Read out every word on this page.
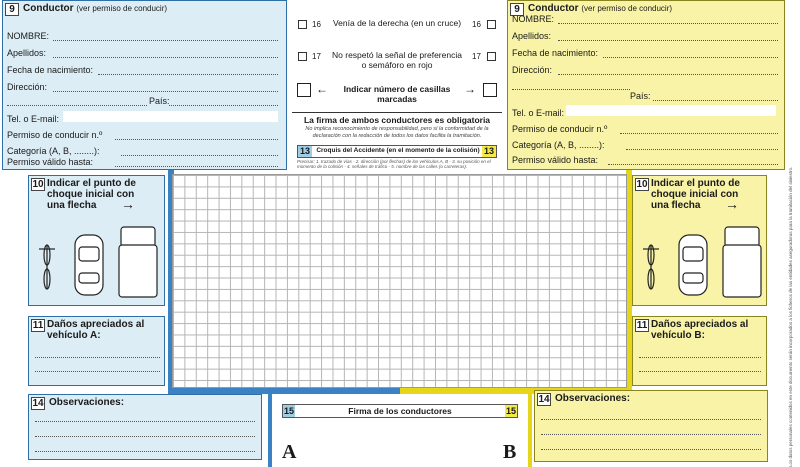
9 Conductor (ver permiso de conducir)
NOMBRE:
Apellidos:
Fecha de nacimiento:
Dirección:
País:
Tel. o E-mail:
Permiso de conducir n.º
Categoría (A, B, ........):
Permiso válido hasta:
16 Venía de la derecha (en un cruce) 16
17 No respetó la señal de preferencia o semáforo en rojo
17
←	Indicar número de casillas marcadas
→
La firma de ambos conductores es obligatoria
No implica reconocimiento de responsabilidad, pero sí la conformidad de la declaración con la redacción de todos los datos facilita la tramitación.
13 Croquis del Accidente (en el momento de la colisión) 13
Precisar: 1. trazado de vías - 2. dirección (por flechas) de los vehículos A, B - 3. su posición en el momento de la colisión - 4. señales de tráfico - 5. nombre de las calles (o carreteras).
9 Conductor (ver permiso de conducir)
NOMBRE:
Apellidos:
Fecha de nacimiento:
Dirección:
País:
Tel. o E-mail:
Permiso de conducir n.º
Categoría (A, B, ........):
Permiso válido hasta:
10 Indicar el punto de choque inicial con una flecha	→
11 Daños apreciados al vehículo A:
10 Indicar el punto de choque inicial con una flecha	→
11 Daños apreciados al vehículo B:
14 Observaciones:
15	Firma de los conductores	15
A	B
14 Observaciones:	Los datos personales contenidos en este documento serán incorporados a los ficheros de las entidades aseguradoras para la tramitación del siniestro.
